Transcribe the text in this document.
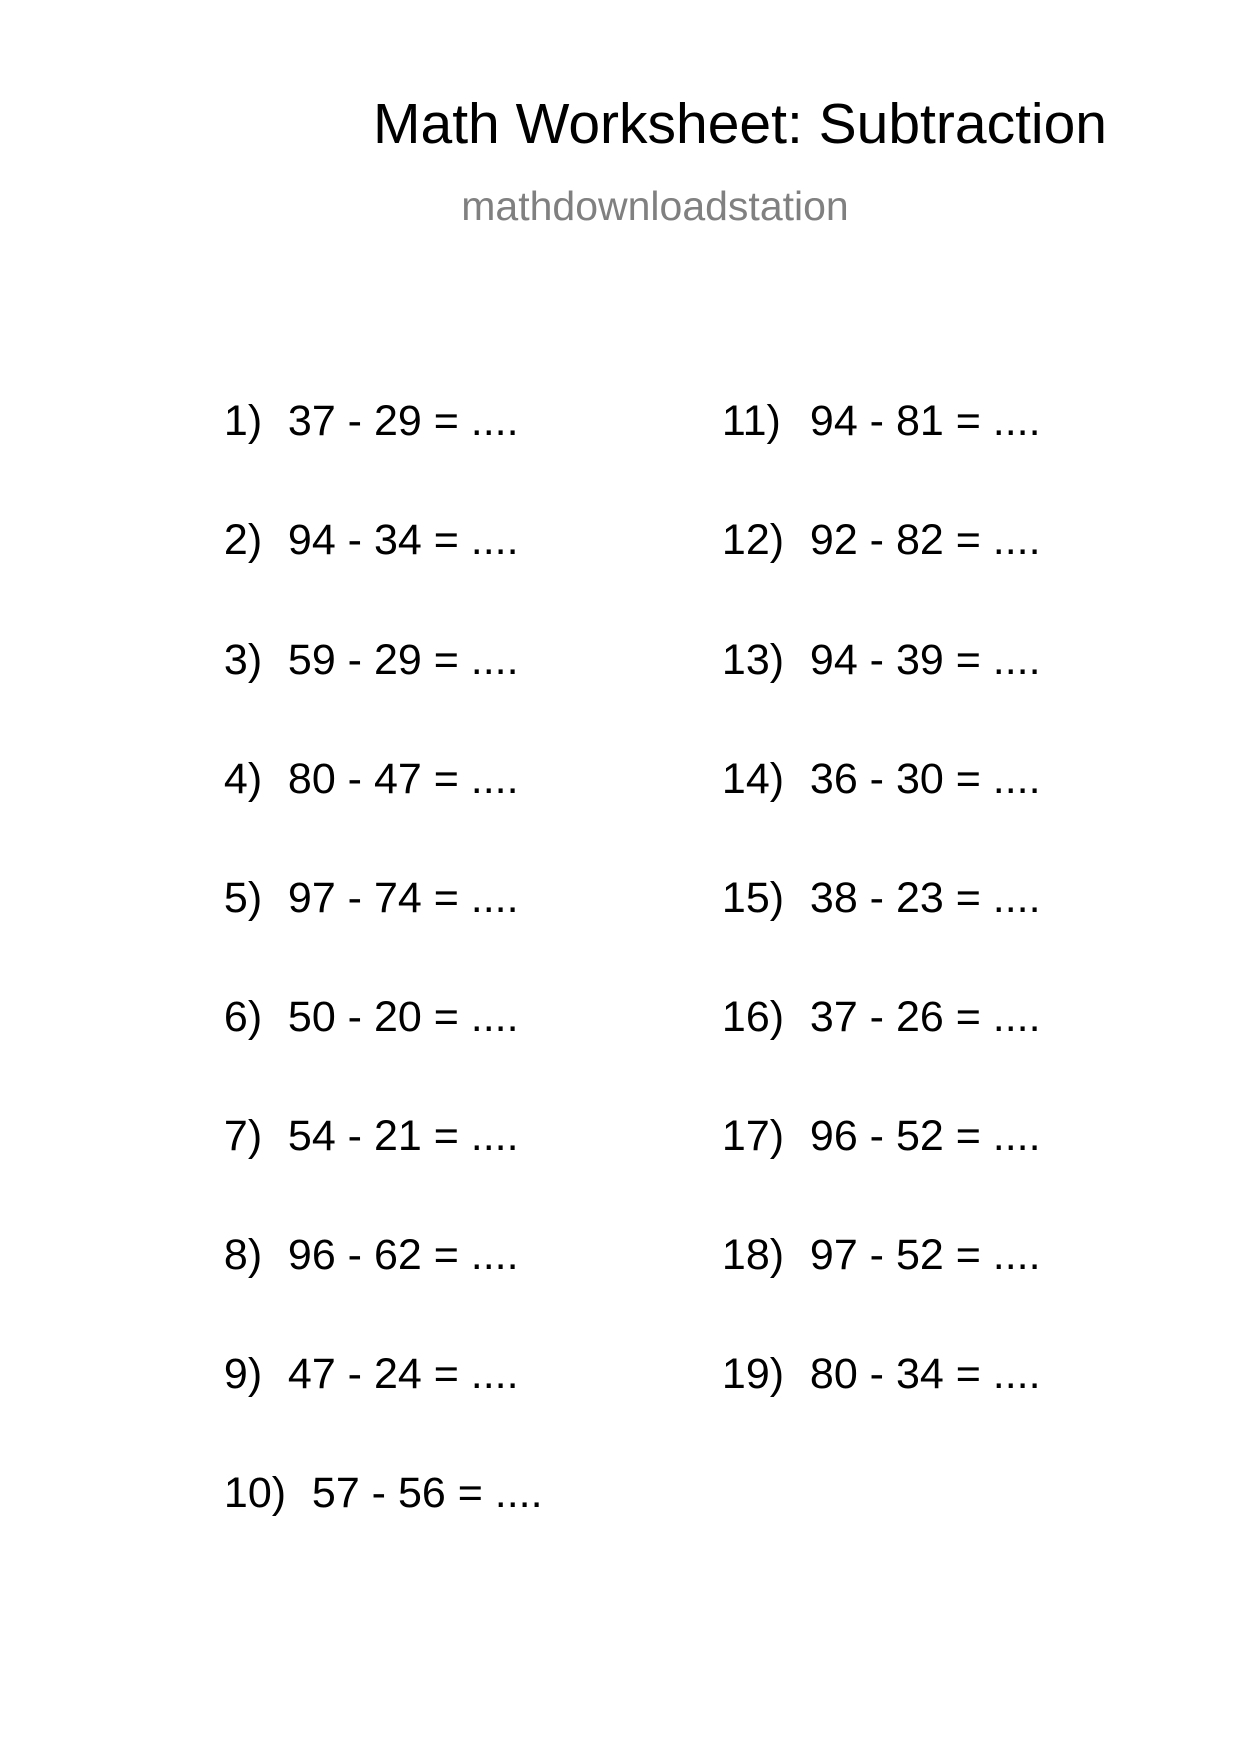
Math Worksheet: Subtraction
mathdownloadstation

1) 37 - 29 = ....

2) 94 - 34 = ....

3) 59 - 29 = ....

4) 80 - 47 = ....

5) 97 - 74 = ....

6) 50 - 20 = ....

7) 54 - 21 = ....

8) 96 - 62 = ....

9) 47 - 24 = ....

10) 57 - 56 = ....

11) 94 - 81 = ....

12) 92 - 82 = ....

13) 94 - 39 = ....

14) 36 - 30 = ....

15) 38 - 23 = ....

16) 37 - 26 = ....

17) 96 - 52 = ....

18) 97 - 52 = ....

19) 80 - 34 = ....
